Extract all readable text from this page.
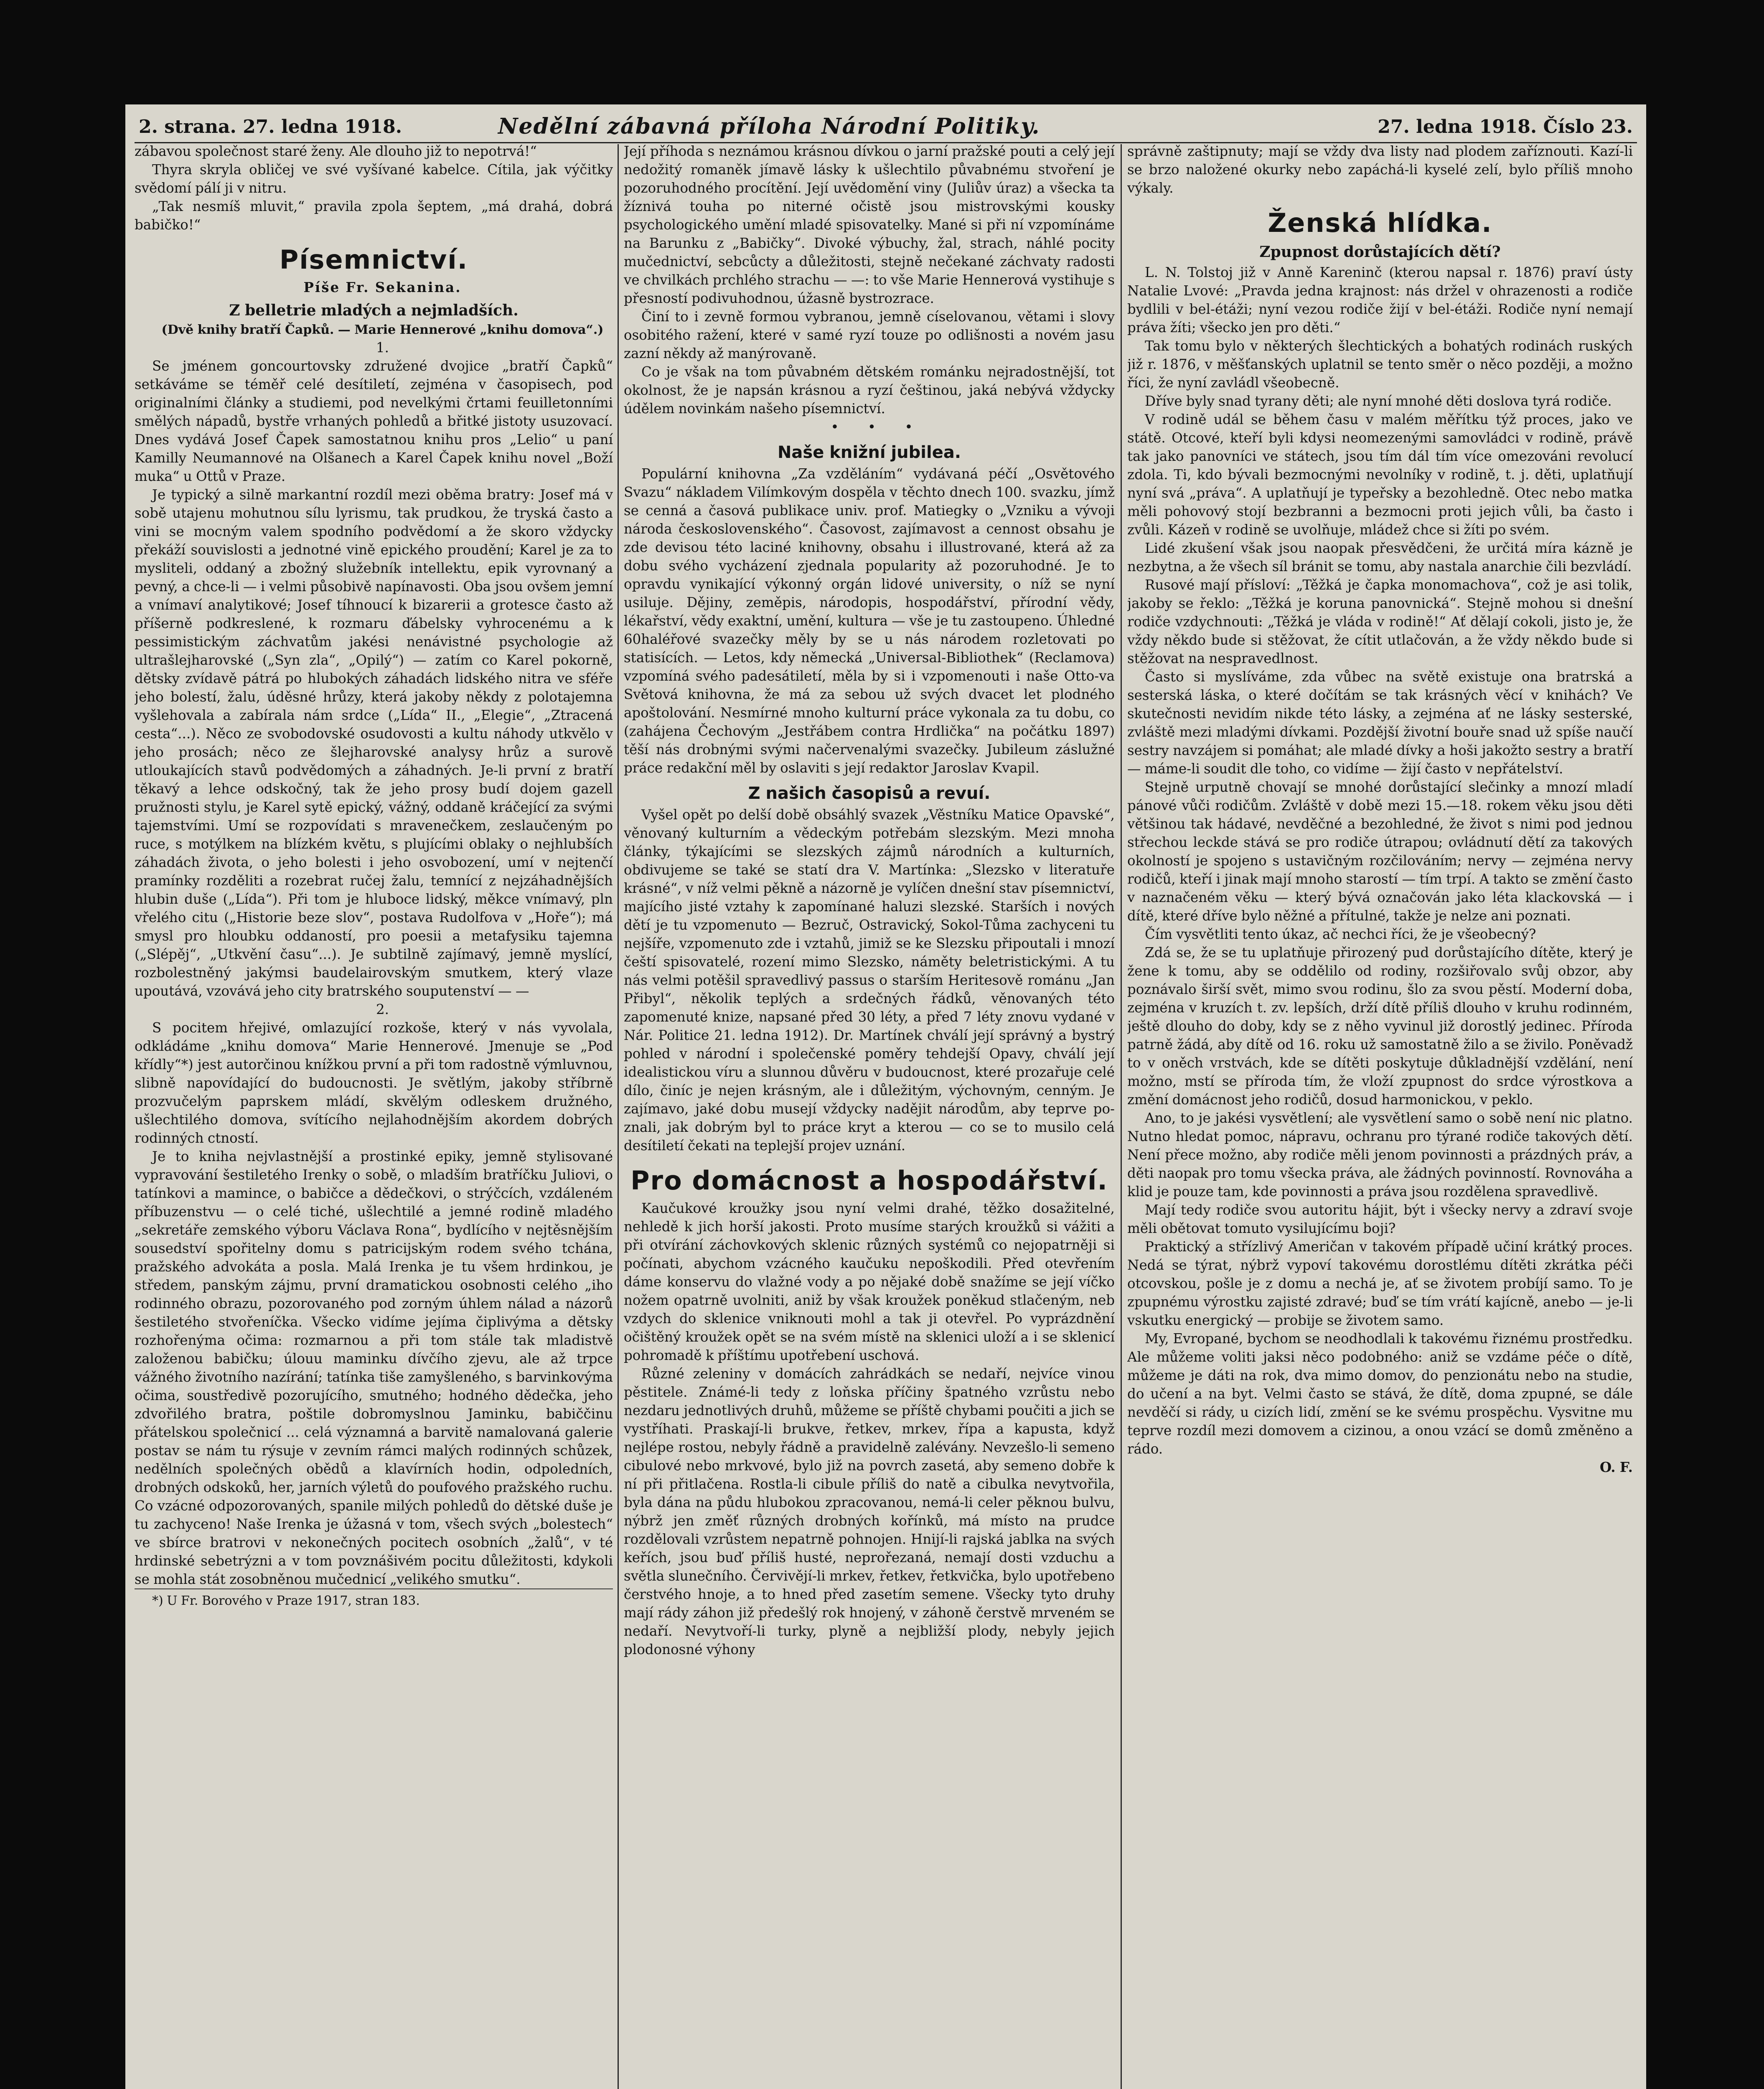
2. strana. 27. ledna 1918.	Nedělní zábavná příloha Národní Politiky.	27. ledna 1918. Číslo 23.

zábavou společnost staré ženy. Ale dlouho již to nepotrvá!“

Thyra skryla obličej ve své vyšívané kabelce. Cítila, jak výčitky svědomí pálí ji v nitru.

„Tak nesmíš mluvit,“ pravila zpola šeptem, „má drahá, dobrá babičko!“

Písemnictví.

Píše Fr. Sekanina.

Z belletrie mladých a nejmladších.

(Dvě knihy bratří Čapků. — Marie Hennerové „knihu domova“.)

1.

Se jménem goncourtovsky združené dvojice „bratří Čapků“ setkáváme se téměř celé desítiletí, zejména v časopisech, pod originalními články a studiemi, pod nevelkými črtami feuilletonními smělých nápadů, bystře vrhaných pohledů a břitké jistoty usuzovací. Dnes vydává Josef Čapek samostatnou knihu pros „Lelio“ u paní Kamilly Neumannové na Olšanech a Karel Čapek knihu novel „Boží muka“ u Ottů v Praze.

Je typický a silně markantní rozdíl mezi oběma bratry: Josef má v sobě utajenu mohutnou sílu lyrismu, tak prudkou, že tryská často a vini se mocným valem spodního podvědomí a že skoro vždycky překáží souvislosti a jednotné vině epického proudění; Karel je za to mysliteli, oddaný a zbožný služebník intellektu, epik vyrovnaný a pevný, a chce-li — i velmi působivě napínavosti. Oba jsou ovšem jemní a vnímaví analytikové; Josef tíhnoucí k bizarerii a grotesce často až příšerně podkreslené, k rozmaru ďábelsky vyhrocenému a k pessimistickým záchvatům jakési nenávistné psychologie až ultrašlejharovské („Syn zla“, „Opilý“) — zatím co Karel pokorně, dětsky zvídavě pátrá po hlubokých záhadách lidského nitra ve sféře jeho bolestí, žalu, úděsné hrůzy, která jakoby někdy z polotajemna vyšlehovala a zabírala nám srdce („Lída“ II., „Elegie“, „Ztracená cesta“...). Něco ze svobodovské osudovosti a kultu náhody utkvělo v jeho prosách; něco ze šlejharovské analysy hrůz a surově utloukajících stavů podvědomých a záhadných. Je-li první z bratří těkavý a lehce odskočný, tak že jeho prosy budí dojem gazell pružnosti stylu, je Karel sytě epický, vážný, oddaně kráčející za svými tajemstvími. Umí se rozpovídati s mravenečkem, zeslaučeným po ruce, s motýlkem na blízkém květu, s plujícími oblaky o nejhlubších záhadách života, o jeho bolesti i jeho osvobození, umí v nejtenčí pramínky rozděliti a rozebrat ručej žalu, temnící z nejzáhadnějších hlubin duše („Lída“). Při tom je hluboce lidský, měkce vnímavý, pln vřelého citu („Historie beze slov“, postava Rudolfova v „Hoře“); má smysl pro hloubku oddaností, pro poesii a metafysiku tajemna („Slépěj“, „Utkvění času“...). Je subtilně zajímavý, jemně myslící, rozbolestněný jakýmsi baudelairovským smutkem, který vlaze upoutává, vzovává jeho city bratrského souputenství — —

2.

S pocitem hřejivé, omlazující rozkoše, který v nás vyvolala, odkládáme „knihu domova“ Marie Hennerové. Jmenuje se „Pod křídly“*) jest autorčinou knížkou první a při tom radostně výmluvnou, slibně napovídající do budoucnosti. Je světlým, jakoby stříbrně prozvučelým paprskem mládí, skvělým odleskem družného, ušlechtilého domova, svítícího nejlahodnějším akordem dobrých rodinných ctností.

Je to kniha nejvlastnější a prostinké epiky, jemně stylisované vypravování šestiletého Irenky o sobě, o mladším bratříčku Juliovi, o tatínkovi a mamince, o babičce a dědečkovi, o strýčcích, vzdáleném příbuzenstvu — o celé tiché, ušlechtilé a jemné rodině mladého „sekretáře zemského výboru Václava Rona“, bydlícího v nejtěsnějším sousedství spořitelny domu s patricijským rodem svého tchána, pražského advokáta a posla. Malá Irenka je tu všem hrdinkou, je středem, panským zájmu, první dramatickou osobnosti celého „iho rodinného obrazu, pozorovaného pod zorným úhlem nálad a názorů šestiletého stvořeníčka. Všecko vidíme jejíma čiplivýma a dětsky rozhořenýma očima: rozmarnou a při tom stále tak mladistvě založenou babičku; úlouu maminku dívčího zjevu, ale až trpce vážného životního nazírání; tatínka tiše zamyšleného, s barvinkovýma očima, soustředivě pozorujícího, smutného; hodného dědečka, jeho zdvořilého bratra, poštile dobromyslnou Jaminku, babiččinu přátelskou společnicí ... celá významná a barvitě namalovaná galerie postav se nám tu rýsuje v zevním rámci malých rodinných schůzek, nedělních společných obědů a klavírních hodin, odpoledních, drobných odskoků, her, jarních výletů do poufového pražského ruchu. Co vzácné odpozorovaných, spanile milých pohledů do dětské duše je tu zachyceno! Naše Irenka je úžasná v tom, všech svých „bolestech“ ve sbírce bratrovi v nekonečných pocitech osobních „žalů“, v té hrdinské sebetrýzni a v tom povznášivém pocitu důležitosti, kdykoli se mohla stát zosobněnou mučednicí „velikého smutku“.

*) U Fr. Borového v Praze 1917, stran 183.

Její příhoda s neznámou krásnou dívkou o jarní pražské pouti a celý její nedožitý romaněk jímavě lásky k ušlechtilo půvabnému stvoření je pozoruhodného procítění. Její uvědomění viny (Juliův úraz) a všecka ta žíznivá touha po niterné očistě jsou mistrovskými kousky psychologického umění mladé spisovatelky. Mané si při ní vzpomínáme na Barunku z „Babičky“. Divoké výbuchy, žal, strach, náhlé pocity mučednictví, sebcůcty a důležitosti, stejně nečekané záchvaty radosti ve chvilkách prchlého strachu — —: to vše Marie Hennerová vystihuje s přesností podivuhodnou, úžasně bystrozrace.

Činí to i zevně formou vybranou, jemně císelovanou, větami i slovy osobitého ražení, které v samé ryzí touze po odlišnosti a novém jasu zazní někdy až manýrovaně.

Co je však na tom půvabném dětském románku nejradostnější, tot okolnost, že je napsán krásnou a ryzí češtinou, jaká nebývá vždycky údělem novinkám našeho písemnictví.

• • •

Naše knižní jubilea.

Populární knihovna „Za vzděláním“ vydávaná péčí „Osvětového Svazu“ nákladem Vilímkovým dospěla v těchto dnech 100. svazku, jímž se cenná a časová publikace univ. prof. Matiegky o „Vzniku a vývoji národa československého“. Časovost, zajímavost a cennost obsahu je zde devisou této laciné knihovny, obsahu i illustrované, která až za dobu svého vycházení zjednala popularity až pozoruhodné. Je to opravdu vynikající výkonný orgán lidové university, o níž se nyní usiluje. Dějiny, zeměpis, národopis, hospodářství, přírodní vědy, lékařství, vědy exaktní, umění, kultura — vše je tu zastoupeno. Úhledné 60haléřové svazečky měly by se u nás národem rozletovati po statisících. — Letos, kdy německá „Universal-Bibliothek“ (Reclamova) vzpomíná svého padesátiletí, měla by si i vzpomenouti i naše Otto-va Světová knihovna, že má za sebou už svých dvacet let plodného apoštolování. Nesmírné mnoho kulturní práce vykonala za tu dobu, co (zahájena Čechovým „Jestřábem contra Hrdlička“ na počátku 1897) těší nás drobnými svými načervenalými svazečky. Jubileum záslužné práce redakční měl by oslaviti s její redaktor Jaroslav Kvapil.

Z našich časopisů a revuí.

Vyšel opět po delší době obsáhlý svazek „Věstníku Matice Opavské“, věnovaný kulturním a vědeckým potřebám slezským. Mezi mnoha články, týkajícími se slezských zájmů národních a kulturních, obdivujeme se také se statí dra V. Martínka: „Slezsko v literatuře krásné“, v níž velmi pěkně a názorně je vylíčen dnešní stav písemnictví, majícího jisté vztahy k zapomínané haluzi slezské. Starších i nových dětí je tu vzpomenuto — Bezruč, Ostravický, Sokol-Tůma zachyceni tu nejšíře, vzpomenuto zde i vztahů, jimiž se ke Slezsku připoutali i mnozí čeští spisovatelé, rození mimo Slezsko, náměty beletristickými. A tu nás velmi potěšil spravedlivý passus o starším Heritesově románu „Jan Přibyl“, několik teplých a srdečných řádků, věnovaných této zapomenuté knize, napsané před 30 léty, a před 7 léty znovu vydané v Nár. Politice 21. ledna 1912). Dr. Martínek chválí její správný a bystrý pohled v národní i společenské poměry tehdejší Opavy, chválí její idealistickou víru a slunnou důvěru v budoucnost, které prozařuje celé dílo, činíc je nejen krásným, ale i důležitým, výchovným, cenným. Je zajímavo, jaké dobu musejí vždycky nadějit národům, aby teprve po-znali, jak dobrým byl to práce kryt a kterou — co se to musilo celá desítiletí čekati na teplejší projev uznání.

Pro domácnost a hospodářství.

Kaučukové kroužky jsou nyní velmi drahé, těžko dosažitelné, nehledě k jich horší jakosti. Proto musíme starých kroužků si vážiti a při otvírání záchovkových sklenic různých systémů co nejopatrněji si počínati, abychom vzácného kaučuku nepoškodili. Před otevřením dáme konservu do vlažné vody a po nějaké době snažíme se její víčko nožem opatrně uvolniti, aniž by však kroužek poněkud stlačeným, neb vzdych do sklenice vniknouti mohl a tak ji otevřel. Po vyprázdnění očištěný kroužek opět se na svém místě na sklenici uloží a i se sklenicí pohromadě k příštímu upotřebení uschová.

Různé zeleniny v domácích zahrádkách se nedaří, nejvíce vinou pěstitele. Známé-li tedy z loňska příčiny špatného vzrůstu nebo nezdaru jednotlivých druhů, můžeme se příště chybami poučiti a jich se vystříhati. Praskají-li brukve, řetkev, mrkev, řípa a kapusta, když nejlépe rostou, nebyly řádně a pravidelně zalévány. Nevzešlo-li semeno cibulové nebo mrkvové, bylo již na povrch zasetá, aby semeno dobře k ní při přitlačena. Rostla-li cibule příliš do natě a cibulka nevytvořila, byla dána na půdu hlubokou zpracovanou, nemá-li celer pěknou bulvu, nýbrž jen změť různých drobných kořínků, má místo na prudce rozdělovali vzrůstem nepatrně pohnojen. Hnijí-li rajská jablka na svých keřích, jsou buď příliš husté, neprořezaná, nemají dosti vzduchu a světla slunečního. Červivějí-li mrkev, řetkev, řetkvička, bylo upotřebeno čerstvého hnoje, a to hned před zasetím semene. Všecky tyto druhy mají rády záhon již předešlý rok hnojený, v záhoně čerstvě mrveném se nedaří. Nevytvoří-li turky, plyně a nejbližší plody, nebyly jejich plodonosné výhony

správně zaštipnuty; mají se vždy dva listy nad plodem zaříznouti. Kazí-li se brzo naložené okurky nebo zapáchá-li kyselé zelí, bylo příliš mnoho výkaly.

Ženská hlídka.
Zpupnost dorůstajících dětí?

L. N. Tolstoj již v Anně Kareninč (kterou napsal r. 1876) praví ústy Natalie Lvové: „Pravda jedna krajnost: nás držel v ohrazenosti a rodiče bydlili v bel-étáži; nyní vezou rodiče žijí v bel-étáži. Rodiče nyní nemají práva žíti; všecko jen pro děti.“

Tak tomu bylo v některých šlechtických a bohatých rodinách ruských již r. 1876, v měšťanských uplatnil se tento směr o něco později, a možno říci, že nyní zavládl všeobecně.

Dříve byly snad tyrany děti; ale nyní mnohé děti doslova tyrá rodiče.

V rodině udál se během času v malém měřítku týž proces, jako ve státě. Otcové, kteří byli kdysi neomezenými samovládci v rodině, právě tak jako panovníci ve státech, jsou tím dál tím více omezováni revolucí zdola. Ti, kdo bývali bezmocnými nevolníky v rodině, t. j. děti, uplatňují nyní svá „práva“. A uplatňují je typeřsky a bezohledně. Otec nebo matka měli pohovový stojí bezbranni a bezmocni proti jejich vůli, ba často i zvůli. Kázeň v rodině se uvolňuje, mládež chce si žíti po svém.

Lidé zkušení však jsou naopak přesvědčeni, že určitá míra kázně je nezbytna, a že všech síl bránit se tomu, aby nastala anarchie čili bezvládí.

Rusové mají přísloví: „Těžká je čapka monomachova“, což je asi tolik, jakoby se řeklo: „Těžká je koruna panovnická“. Stejně mohou si dnešní rodiče vzdychnouti: „Těžká je vláda v rodině!“ Ať dělají cokoli, jisto je, že vždy někdo bude si stěžovat, že cítit utlačován, a že vždy někdo bude si stěžovat na nespravedlnost.

Často si myslíváme, zda vůbec na světě existuje ona bratrská a sesterská láska, o které dočítám se tak krásných věcí v knihách? Ve skutečnosti nevidím nikde této lásky, a zejména ať ne lásky sesterské, zvláště mezi mladými dívkami. Pozdější životní bouře snad už spíše naučí sestry navzájem si pomáhat; ale mladé dívky a hoši jakožto sestry a bratří — máme-li soudit dle toho, co vidíme — žijí často v nepřátelství.

Stejně urputně chovají se mnohé dorůstající slečinky a mnozí mladí pánové vůči rodičům. Zvláště v době mezi 15.—18. rokem věku jsou děti většinou tak hádavé, nevděčné a bezohledné, že život s nimi pod jednou střechou leckde stává se pro rodiče útrapou; ovládnutí dětí za takových okolností je spojeno s ustavičným rozčilováním; nervy — zejména nervy rodičů, kteří i jinak mají mnoho starostí — tím trpí. A takto se změní často v naznačeném věku — který bývá označován jako léta klackovská — i dítě, které dříve bylo něžné a přítulné, takže je nelze ani poznati.

Čím vysvětliti tento úkaz, ač nechci říci, že je všeobecný?

Zdá se, že se tu uplatňuje přirozený pud dorůstajícího dítěte, který je žene k tomu, aby se oddělilo od rodiny, rozšiřovalo svůj obzor, aby poznávalo širší svět, mimo svou rodinu, šlo za svou pěstí. Moderní doba, zejména v kruzích t. zv. lepších, drží dítě příliš dlouho v kruhu rodinném, ještě dlouho do doby, kdy se z něho vyvinul již dorostlý jedinec. Příroda patrně žádá, aby dítě od 16. roku už samostatně žilo a se živilo. Poněvadž to v oněch vrstvách, kde se dítěti poskytuje důkladnější vzdělání, není možno, mstí se příroda tím, že vloží zpupnost do srdce výrostkova a změní domácnost jeho rodičů, dosud harmonickou, v peklo.

Ano, to je jakési vysvětlení; ale vysvětlení samo o sobě není nic platno. Nutno hledat pomoc, nápravu, ochranu pro týrané rodiče takových dětí. Není přece možno, aby rodiče měli jenom povinnosti a prázdných práv, a děti naopak pro tomu všecka práva, ale žádných povinností. Rovnováha a klid je pouze tam, kde povinnosti a práva jsou rozdělena spravedlivě.

Mají tedy rodiče svou autoritu hájit, být i všecky nervy a zdraví svoje měli obětovat tomuto vysilujícímu boji?

Praktický a střízlivý Američan v takovém případě učiní krátký proces. Nedá se týrat, nýbrž vypoví takovému dorostlému dítěti zkrátka péči otcovskou, pošle je z domu a nechá je, ať se životem probíjí samo. To je zpupnému výrostku zajisté zdravé; buď se tím vrátí kajícně, anebo — je-li vskutku energický — probije se životem samo.

My, Evropané, bychom se neodhodlali k takovému řiznému prostředku. Ale můžeme voliti jaksi něco podobného: aniž se vzdáme péče o dítě, můžeme je dáti na rok, dva mimo domov, do penzionátu nebo na studie, do učení a na byt. Velmi často se stává, že dítě, doma zpupné, se dále nevděčí si rády, u cizích lidí, změní se ke svému prospěchu. Vysvitne mu teprve rozdíl mezi domovem a cizinou, a onou vzácí se domů změněno a rádo.

O. F.
